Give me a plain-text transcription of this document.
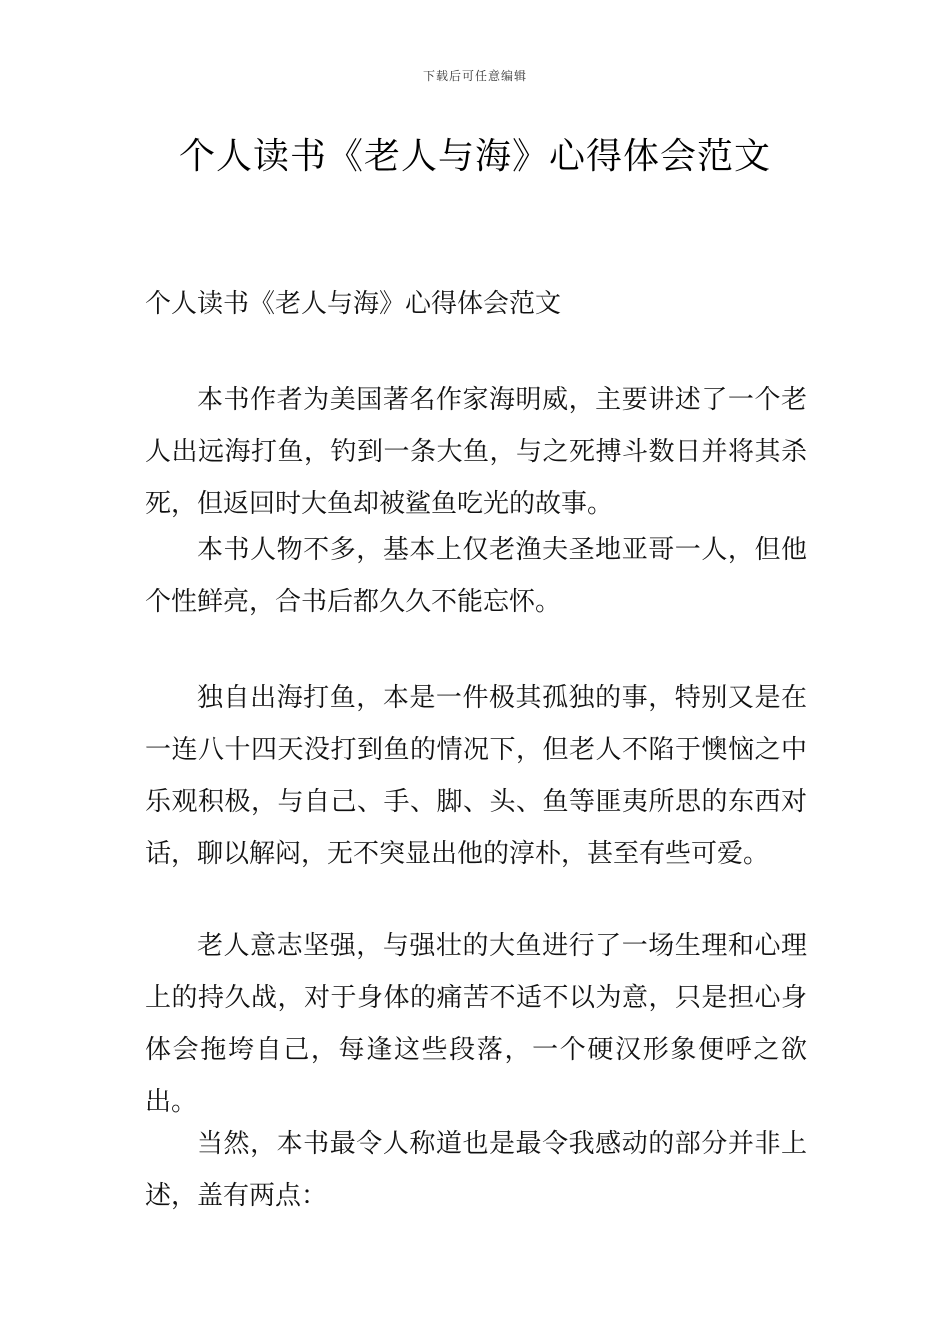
下载后可任意编辑
个人读书《老人与海》心得体会范文

个人读书《老人与海》心得体会范文

本书作者为美国著名作家海明威，主要讲述了一个老人出远海打鱼，钓到一条大鱼，与之死搏斗数日并将其杀死，但返回时大鱼却被鲨鱼吃光的故事。

本书人物不多，基本上仅老渔夫圣地亚哥一人，但他个性鲜亮，合书后都久久不能忘怀。

独自出海打鱼，本是一件极其孤独的事，特别又是在一连八十四天没打到鱼的情况下，但老人不陷于懊恼之中乐观积极，与自己、手、脚、头、鱼等匪夷所思的东西对话，聊以解闷，无不突显出他的淳朴，甚至有些可爱。

老人意志坚强，与强壮的大鱼进行了一场生理和心理上的持久战，对于身体的痛苦不适不以为意，只是担心身体会拖垮自己，每逢这些段落，一个硬汉形象便呼之欲出。

当然，本书最令人称道也是最令我感动的部分并非上述，盖有两点：
